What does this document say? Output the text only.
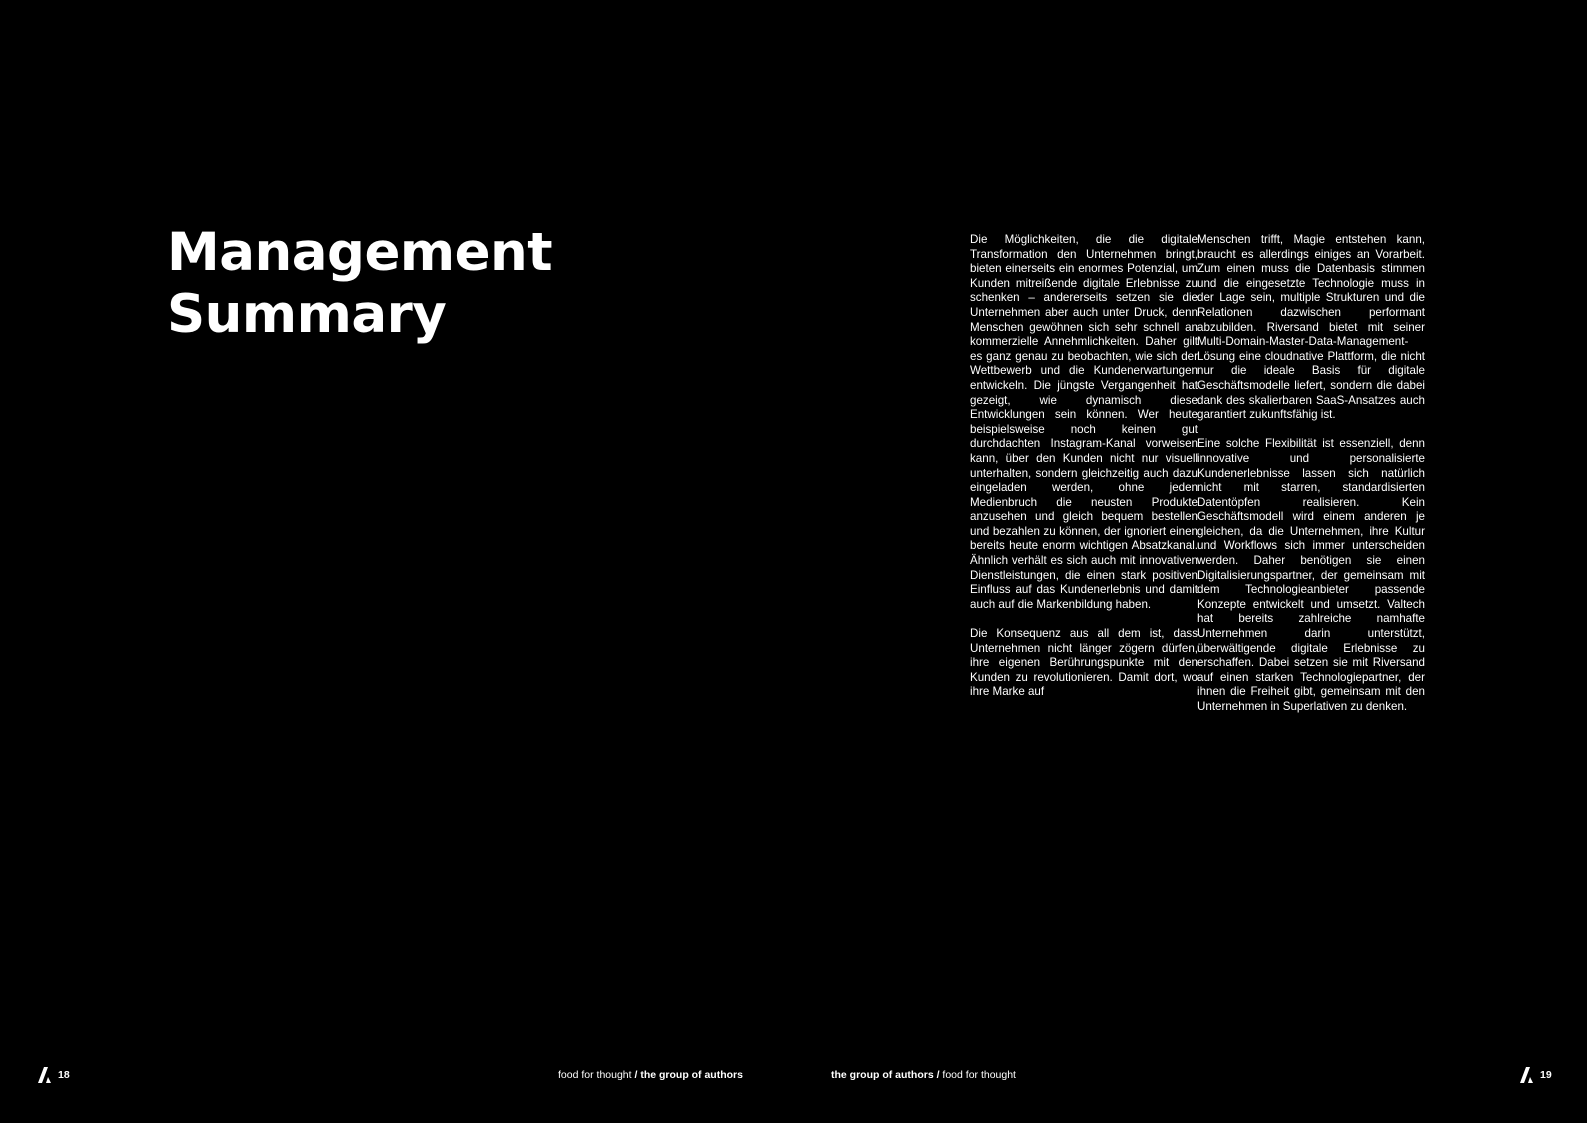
Management
Summary

Die Möglichkeiten, die die digitale Transformation den Unternehmen bringt, bieten einerseits ein enormes Potenzial, um Kunden mitreißende digitale Erlebnisse zu schenken – andererseits setzen sie die Unternehmen aber auch unter Druck, denn Menschen gewöhnen sich sehr schnell an kommerzielle Annehmlichkeiten. Daher gilt es ganz genau zu beobachten, wie sich der Wettbewerb und die Kundenerwartungen entwickeln. Die jüngste Vergangenheit hat gezeigt, wie dynamisch diese Entwicklungen sein können. Wer heute beispielsweise noch keinen gut durchdachten Instagram-Kanal vorweisen kann, über den Kunden nicht nur visuell unterhalten, sondern gleichzeitig auch dazu eingeladen werden, ohne jeden Medienbruch die neusten Produkte anzusehen und gleich bequem bestellen und bezahlen zu können, der ignoriert einen bereits heute enorm wichtigen Absatzkanal. Ähnlich verhält es sich auch mit innovativen Dienstleistungen, die einen stark positiven Einfluss auf das Kundenerlebnis und damit auch auf die Markenbildung haben.

Die Konsequenz aus all dem ist, dass Unternehmen nicht länger zögern dürfen, ihre eigenen Berührungspunkte mit den Kunden zu revolutionieren. Damit dort, wo ihre Marke auf

Menschen trifft, Magie entstehen kann, braucht es allerdings einiges an Vorarbeit. Zum einen muss die Datenbasis stimmen und die eingesetzte Technologie muss in der Lage sein, multiple Strukturen und die Relationen dazwischen performant abzubilden. Riversand bietet mit seiner Multi-Domain-Master-Data-Management-Lösung eine cloudnative Plattform, die nicht nur die ideale Basis für digitale Geschäftsmodelle liefert, sondern die dabei dank des skalierbaren SaaS-Ansatzes auch garantiert zukunftsfähig ist.

Eine solche Flexibilität ist essenziell, denn innovative und personalisierte Kundenerlebnisse lassen sich natürlich nicht mit starren, standardisierten Datentöpfen realisieren. Kein Geschäftsmodell wird einem anderen je gleichen, da die Unternehmen, ihre Kultur und Workflows sich immer unterscheiden werden. Daher benötigen sie einen Digitalisierungspartner, der gemeinsam mit dem Technologieanbieter passende Konzepte entwickelt und umsetzt. Valtech hat bereits zahlreiche namhafte Unternehmen darin unterstützt, überwältigende digitale Erlebnisse zu erschaffen. Dabei setzen sie mit Riversand auf einen starken Technologiepartner, der ihnen die Freiheit gibt, gemeinsam mit den Unternehmen in Superlativen zu denken.

18	food for thought / the group of authors	the group of authors / food for thought	19
